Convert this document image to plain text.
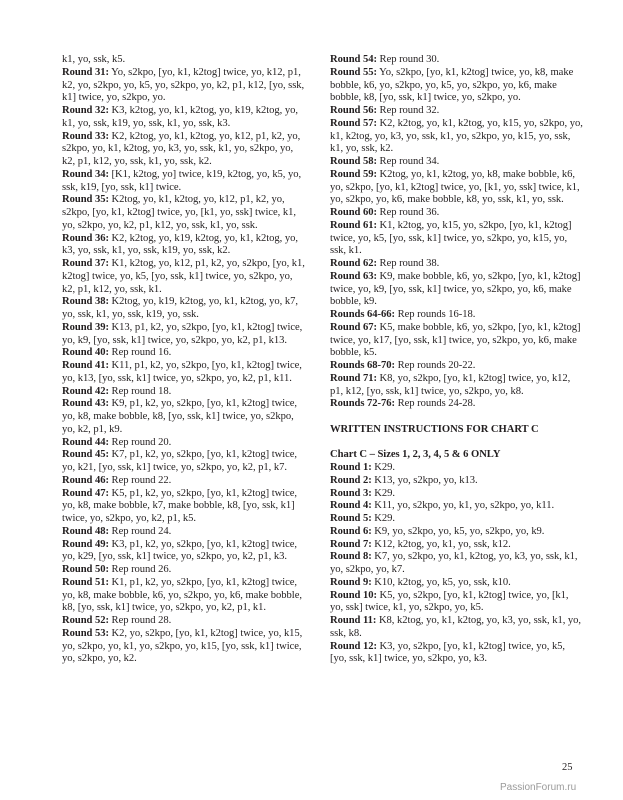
k1, yo, ssk, k5.

Round 31: Yo, s2kpo, [yo, k1, k2tog] twice, yo, k12, p1, k2, yo, s2kpo, yo, k5, yo, s2kpo, yo, k2, p1, k12, [yo, ssk, k1] twice, yo, s2kpo, yo.

Round 32: K3, k2tog, yo, k1, k2tog, yo, k19, k2tog, yo, k1, yo, ssk, k19, yo, ssk, k1, yo, ssk, k3.

Round 33: K2, k2tog, yo, k1, k2tog, yo, k12, p1, k2, yo, s2kpo, yo, k1, k2tog, yo, k3, yo, ssk, k1, yo, s2kpo, yo, k2, p1, k12, yo, ssk, k1, yo, ssk, k2.

Round 34: [K1, k2tog, yo] twice, k19, k2tog, yo, k5, yo, ssk, k19, [yo, ssk, k1] twice.

Round 35: K2tog, yo, k1, k2tog, yo, k12, p1, k2, yo, s2kpo, [yo, k1, k2tog] twice, yo, [k1, yo, ssk] twice, k1, yo, s2kpo, yo, k2, p1, k12, yo, ssk, k1, yo, ssk.

Round 36: K2, k2tog, yo, k19, k2tog, yo, k1, k2tog, yo, k3, yo, ssk, k1, yo, ssk, k19, yo, ssk, k2.

Round 37: K1, k2tog, yo, k12, p1, k2, yo, s2kpo, [yo, k1, k2tog] twice, yo, k5, [yo, ssk, k1] twice, yo, s2kpo, yo, k2, p1, k12, yo, ssk, k1.

Round 38: K2tog, yo, k19, k2tog, yo, k1, k2tog, yo, k7, yo, ssk, k1, yo, ssk, k19, yo, ssk.

Round 39: K13, p1, k2, yo, s2kpo, [yo, k1, k2tog] twice, yo, k9, [yo, ssk, k1] twice, yo, s2kpo, yo, k2, p1, k13.

Round 40: Rep round 16.

Round 41: K11, p1, k2, yo, s2kpo, [yo, k1, k2tog] twice, yo, k13, [yo, ssk, k1] twice, yo, s2kpo, yo, k2, p1, k11.

Round 42: Rep round 18.

Round 43: K9, p1, k2, yo, s2kpo, [yo, k1, k2tog] twice, yo, k8, make bobble, k8, [yo, ssk, k1] twice, yo, s2kpo, yo, k2, p1, k9.

Round 44: Rep round 20.

Round 45: K7, p1, k2, yo, s2kpo, [yo, k1, k2tog] twice, yo, k21, [yo, ssk, k1] twice, yo, s2kpo, yo, k2, p1, k7.

Round 46: Rep round 22.

Round 47: K5, p1, k2, yo, s2kpo, [yo, k1, k2tog] twice, yo, k8, make bobble, k7, make bobble, k8, [yo, ssk, k1] twice, yo, s2kpo, yo, k2, p1, k5.

Round 48: Rep round 24.

Round 49: K3, p1, k2, yo, s2kpo, [yo, k1, k2tog] twice, yo, k29, [yo, ssk, k1] twice, yo, s2kpo, yo, k2, p1, k3.

Round 50: Rep round 26.

Round 51: K1, p1, k2, yo, s2kpo, [yo, k1, k2tog] twice, yo, k8, make bobble, k6, yo, s2kpo, yo, k6, make bobble, k8, [yo, ssk, k1] twice, yo, s2kpo, yo, k2, p1, k1.

Round 52: Rep round 28.

Round 53: K2, yo, s2kpo, [yo, k1, k2tog] twice, yo, k15, yo, s2kpo, yo, k1, yo, s2kpo, yo, k15, [yo, ssk, k1] twice, yo, s2kpo, yo, k2.

Round 54: Rep round 30.

Round 55: Yo, s2kpo, [yo, k1, k2tog] twice, yo, k8, make bobble, k6, yo, s2kpo, yo, k5, yo, s2kpo, yo, k6, make bobble, k8, [yo, ssk, k1] twice, yo, s2kpo, yo.

Round 56: Rep round 32.

Round 57: K2, k2tog, yo, k1, k2tog, yo, k15, yo, s2kpo, yo, k1, k2tog, yo, k3, yo, ssk, k1, yo, s2kpo, yo, k15, yo, ssk, k1, yo, ssk, k2.

Round 58: Rep round 34.

Round 59: K2tog, yo, k1, k2tog, yo, k8, make bobble, k6, yo, s2kpo, [yo, k1, k2tog] twice, yo, [k1, yo, ssk] twice, k1, yo, s2kpo, yo, k6, make bobble, k8, yo, ssk, k1, yo, ssk.

Round 60: Rep round 36.

Round 61: K1, k2tog, yo, k15, yo, s2kpo, [yo, k1, k2tog] twice, yo, k5, [yo, ssk, k1] twice, yo, s2kpo, yo, k15, yo, ssk, k1.

Round 62: Rep round 38.

Round 63: K9, make bobble, k6, yo, s2kpo, [yo, k1, k2tog] twice, yo, k9, [yo, ssk, k1] twice, yo, s2kpo, yo, k6, make bobble, k9.

Rounds 64-66: Rep rounds 16-18.

Round 67: K5, make bobble, k6, yo, s2kpo, [yo, k1, k2tog] twice, yo, k17, [yo, ssk, k1] twice, yo, s2kpo, yo, k6, make bobble, k5.

Rounds 68-70: Rep rounds 20-22.

Round 71: K8, yo, s2kpo, [yo, k1, k2tog] twice, yo, k12, p1, k12, [yo, ssk, k1] twice, yo, s2kpo, yo, k8.

Rounds 72-76: Rep rounds 24-28.

WRITTEN INSTRUCTIONS FOR CHART C

Chart C – Sizes 1, 2, 3, 4, 5 & 6 ONLY

Round 1: K29.

Round 2: K13, yo, s2kpo, yo, k13.

Round 3: K29.

Round 4: K11, yo, s2kpo, yo, k1, yo, s2kpo, yo, k11.

Round 5: K29.

Round 6: K9, yo, s2kpo, yo, k5, yo, s2kpo, yo, k9.

Round 7: K12, k2tog, yo, k1, yo, ssk, k12.

Round 8: K7, yo, s2kpo, yo, k1, k2tog, yo, k3, yo, ssk, k1, yo, s2kpo, yo, k7.

Round 9: K10, k2tog, yo, k5, yo, ssk, k10.

Round 10: K5, yo, s2kpo, [yo, k1, k2tog] twice, yo, [k1, yo, ssk] twice, k1, yo, s2kpo, yo, k5.

Round 11: K8, k2tog, yo, k1, k2tog, yo, k3, yo, ssk, k1, yo, ssk, k8.

Round 12: K3, yo, s2kpo, [yo, k1, k2tog] twice, yo, k5, [yo, ssk, k1] twice, yo, s2kpo, yo, k3.

25
PassionForum.ru
